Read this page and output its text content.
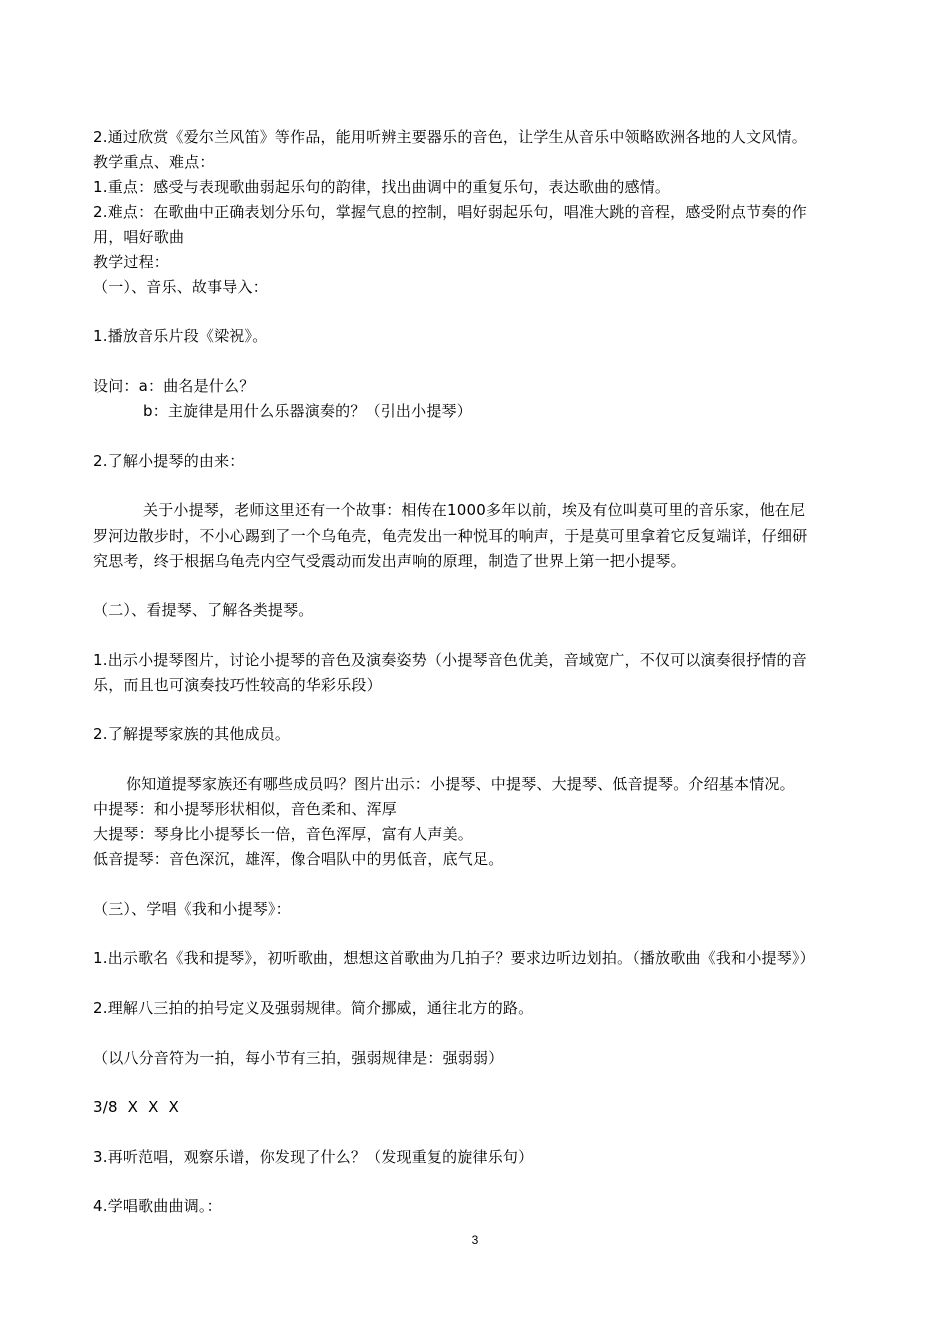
2.通过欣赏《爱尔兰风笛》等作品，能用听辨主要器乐的音色，让学生从音乐中领略欧洲各地的人文风情。
教学重点、难点：
1.重点：感受与表现歌曲弱起乐句的韵律，找出曲调中的重复乐句，表达歌曲的感情。
2.难点：在歌曲中正确表划分乐句，掌握气息的控制，唱好弱起乐句，唱准大跳的音程，感受附点节奏的作
用，唱好歌曲
教学过程：
（一）、音乐、故事导入：
1.播放音乐片段《梁祝》。
设问：a：曲名是什么？
b：主旋律是用什么乐器演奏的？（引出小提琴）
2.了解小提琴的由来：
关于小提琴，老师这里还有一个故事：相传在1000多年以前，埃及有位叫莫可里的音乐家，他在尼
罗河边散步时，不小心踢到了一个乌龟壳，龟壳发出一种悦耳的响声，于是莫可里拿着它反复端详，仔细研
究思考，终于根据乌龟壳内空气受震动而发出声响的原理，制造了世界上第一把小提琴。
（二）、看提琴、了解各类提琴。
1.出示小提琴图片，讨论小提琴的音色及演奏姿势（小提琴音色优美，音域宽广，不仅可以演奏很抒情的音
乐，而且也可演奏技巧性较高的华彩乐段）
2.了解提琴家族的其他成员。
你知道提琴家族还有哪些成员吗？图片出示：小提琴、中提琴、大提琴、低音提琴。介绍基本情况。
中提琴：和小提琴形状相似，音色柔和、浑厚
大提琴：琴身比小提琴长一倍，音色浑厚，富有人声美。
低音提琴：音色深沉，雄浑，像合唱队中的男低音，底气足。
（三）、学唱《我和小提琴》：
1.出示歌名《我和提琴》，初听歌曲，想想这首歌曲为几拍子？要求边听边划拍。（播放歌曲《我和小提琴》）
2.理解八三拍的拍号定义及强弱规律。简介挪威，通往北方的路。
（以八分音符为一拍，每小节有三拍，强弱规律是：强弱弱）
3/8  X  X  X
3.再听范唱，观察乐谱，你发现了什么？（发现重复的旋律乐句）
4.学唱歌曲曲调。：
3
